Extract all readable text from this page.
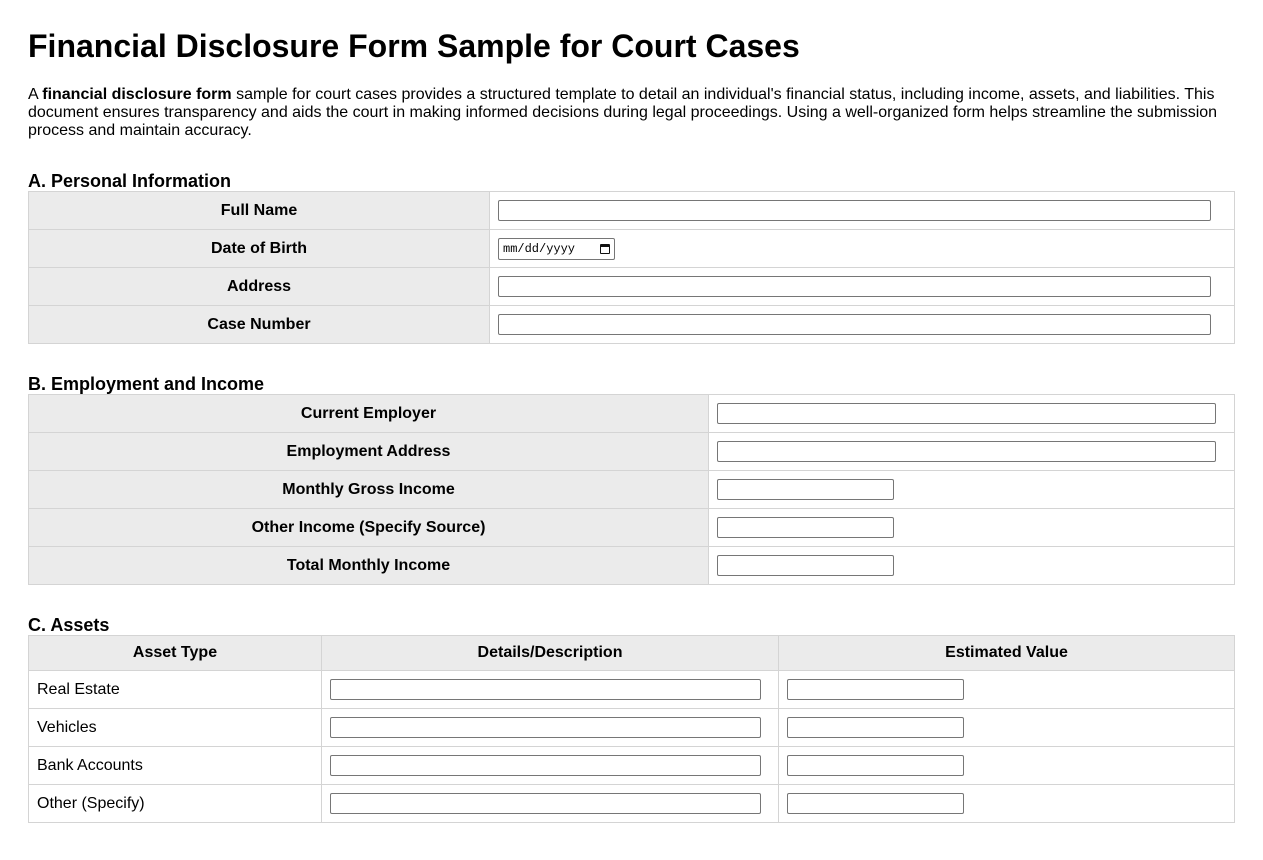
Financial Disclosure Form Sample for Court Cases

A financial disclosure form sample for court cases provides a structured template to detail an individual's financial status, including income, assets, and liabilities. This document ensures transparency and aids the court in making informed decisions during legal proceedings. Using a well-organized form helps streamline the submission process and maintain accuracy.

A. Personal Information
Full Name	
Date of Birth	mm/dd/yyyy

Address	
Case Number	
B. Employment and Income
Current Employer	
Employment Address	
Monthly Gross Income	
Other Income (Specify Source)	
Total Monthly Income	
C. Assets
Asset Type	Details/Description	Estimated Value
Real Estate		
Vehicles		
Bank Accounts		
Other (Specify)		
